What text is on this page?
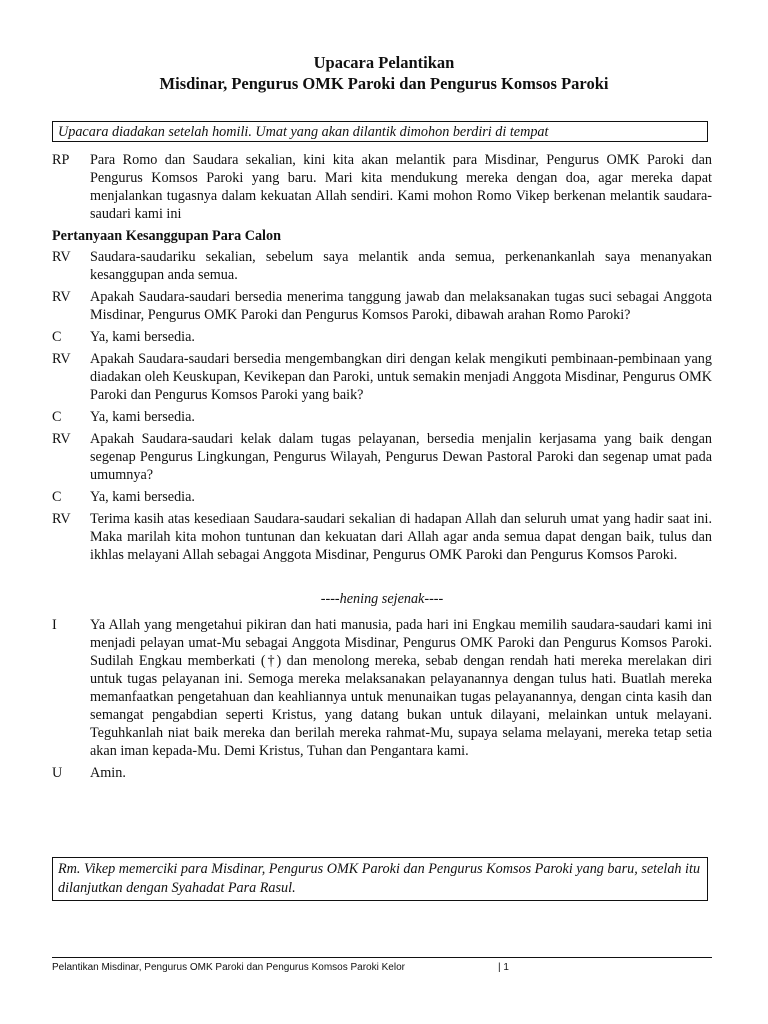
Upacara Pelantikan
Misdinar, Pengurus OMK Paroki dan Pengurus Komsos Paroki
Upacara diadakan setelah homili. Umat yang akan dilantik dimohon berdiri di tempat
RP	Para Romo dan Saudara sekalian, kini kita akan melantik para Misdinar, Pengurus OMK Paroki dan Pengurus Komsos Paroki yang baru. Mari kita mendukung mereka dengan doa, agar mereka dapat menjalankan tugasnya dalam kekuatan Allah sendiri. Kami mohon Romo Vikep berkenan melantik saudara-saudari kami ini
Pertanyaan Kesanggupan Para Calon
RV	Saudara-saudariku sekalian, sebelum saya melantik anda semua, perkenankanlah saya menanyakan kesanggupan anda semua.
RV	Apakah Saudara-saudari bersedia menerima tanggung jawab dan melaksanakan tugas suci sebagai Anggota Misdinar, Pengurus OMK Paroki dan Pengurus Komsos Paroki, dibawah arahan Romo Paroki?
C	Ya, kami bersedia.
RV	Apakah Saudara-saudari bersedia mengembangkan diri dengan kelak mengikuti pembinaan-pembinaan yang diadakan oleh Keuskupan, Kevikepan dan Paroki, untuk semakin menjadi Anggota Misdinar, Pengurus OMK Paroki dan Pengurus Komsos Paroki yang baik?
C	Ya, kami bersedia.
RV	Apakah Saudara-saudari kelak dalam tugas pelayanan, bersedia menjalin kerjasama yang baik dengan segenap Pengurus Lingkungan, Pengurus Wilayah, Pengurus Dewan Pastoral Paroki dan segenap umat pada umumnya?
C	Ya, kami bersedia.
RV	Terima kasih atas kesediaan Saudara-saudari sekalian di hadapan Allah dan seluruh umat yang hadir saat ini. Maka marilah kita mohon tuntunan dan kekuatan dari Allah agar anda semua dapat dengan baik, tulus dan ikhlas melayani Allah sebagai Anggota Misdinar, Pengurus OMK Paroki dan Pengurus Komsos Paroki.
----hening sejenak----
I	Ya Allah yang mengetahui pikiran dan hati manusia, pada hari ini Engkau memilih saudara-saudari kami ini menjadi pelayan umat-Mu sebagai Anggota Misdinar, Pengurus OMK Paroki dan Pengurus Komsos Paroki. Sudilah Engkau memberkati (†) dan menolong mereka, sebab dengan rendah hati mereka merelakan diri untuk tugas pelayanan ini. Semoga mereka melaksanakan pelayanannya dengan tulus hati. Buatlah mereka memanfaatkan pengetahuan dan keahliannya untuk menunaikan tugas pelayanannya, dengan cinta kasih dan semangat pengabdian seperti Kristus, yang datang bukan untuk dilayani, melainkan untuk melayani. Teguhkanlah niat baik mereka dan berilah mereka rahmat-Mu, supaya selama melayani, mereka tetap setia akan iman kepada-Mu. Demi Kristus, Tuhan dan Pengantara kami.
U	Amin.
Rm. Vikep memerciki para Misdinar, Pengurus OMK Paroki dan Pengurus Komsos Paroki yang baru, setelah itu dilanjutkan dengan Syahadat Para Rasul.
Pelantikan Misdinar, Pengurus OMK Paroki dan Pengurus Komsos Paroki Kelor	| 1
